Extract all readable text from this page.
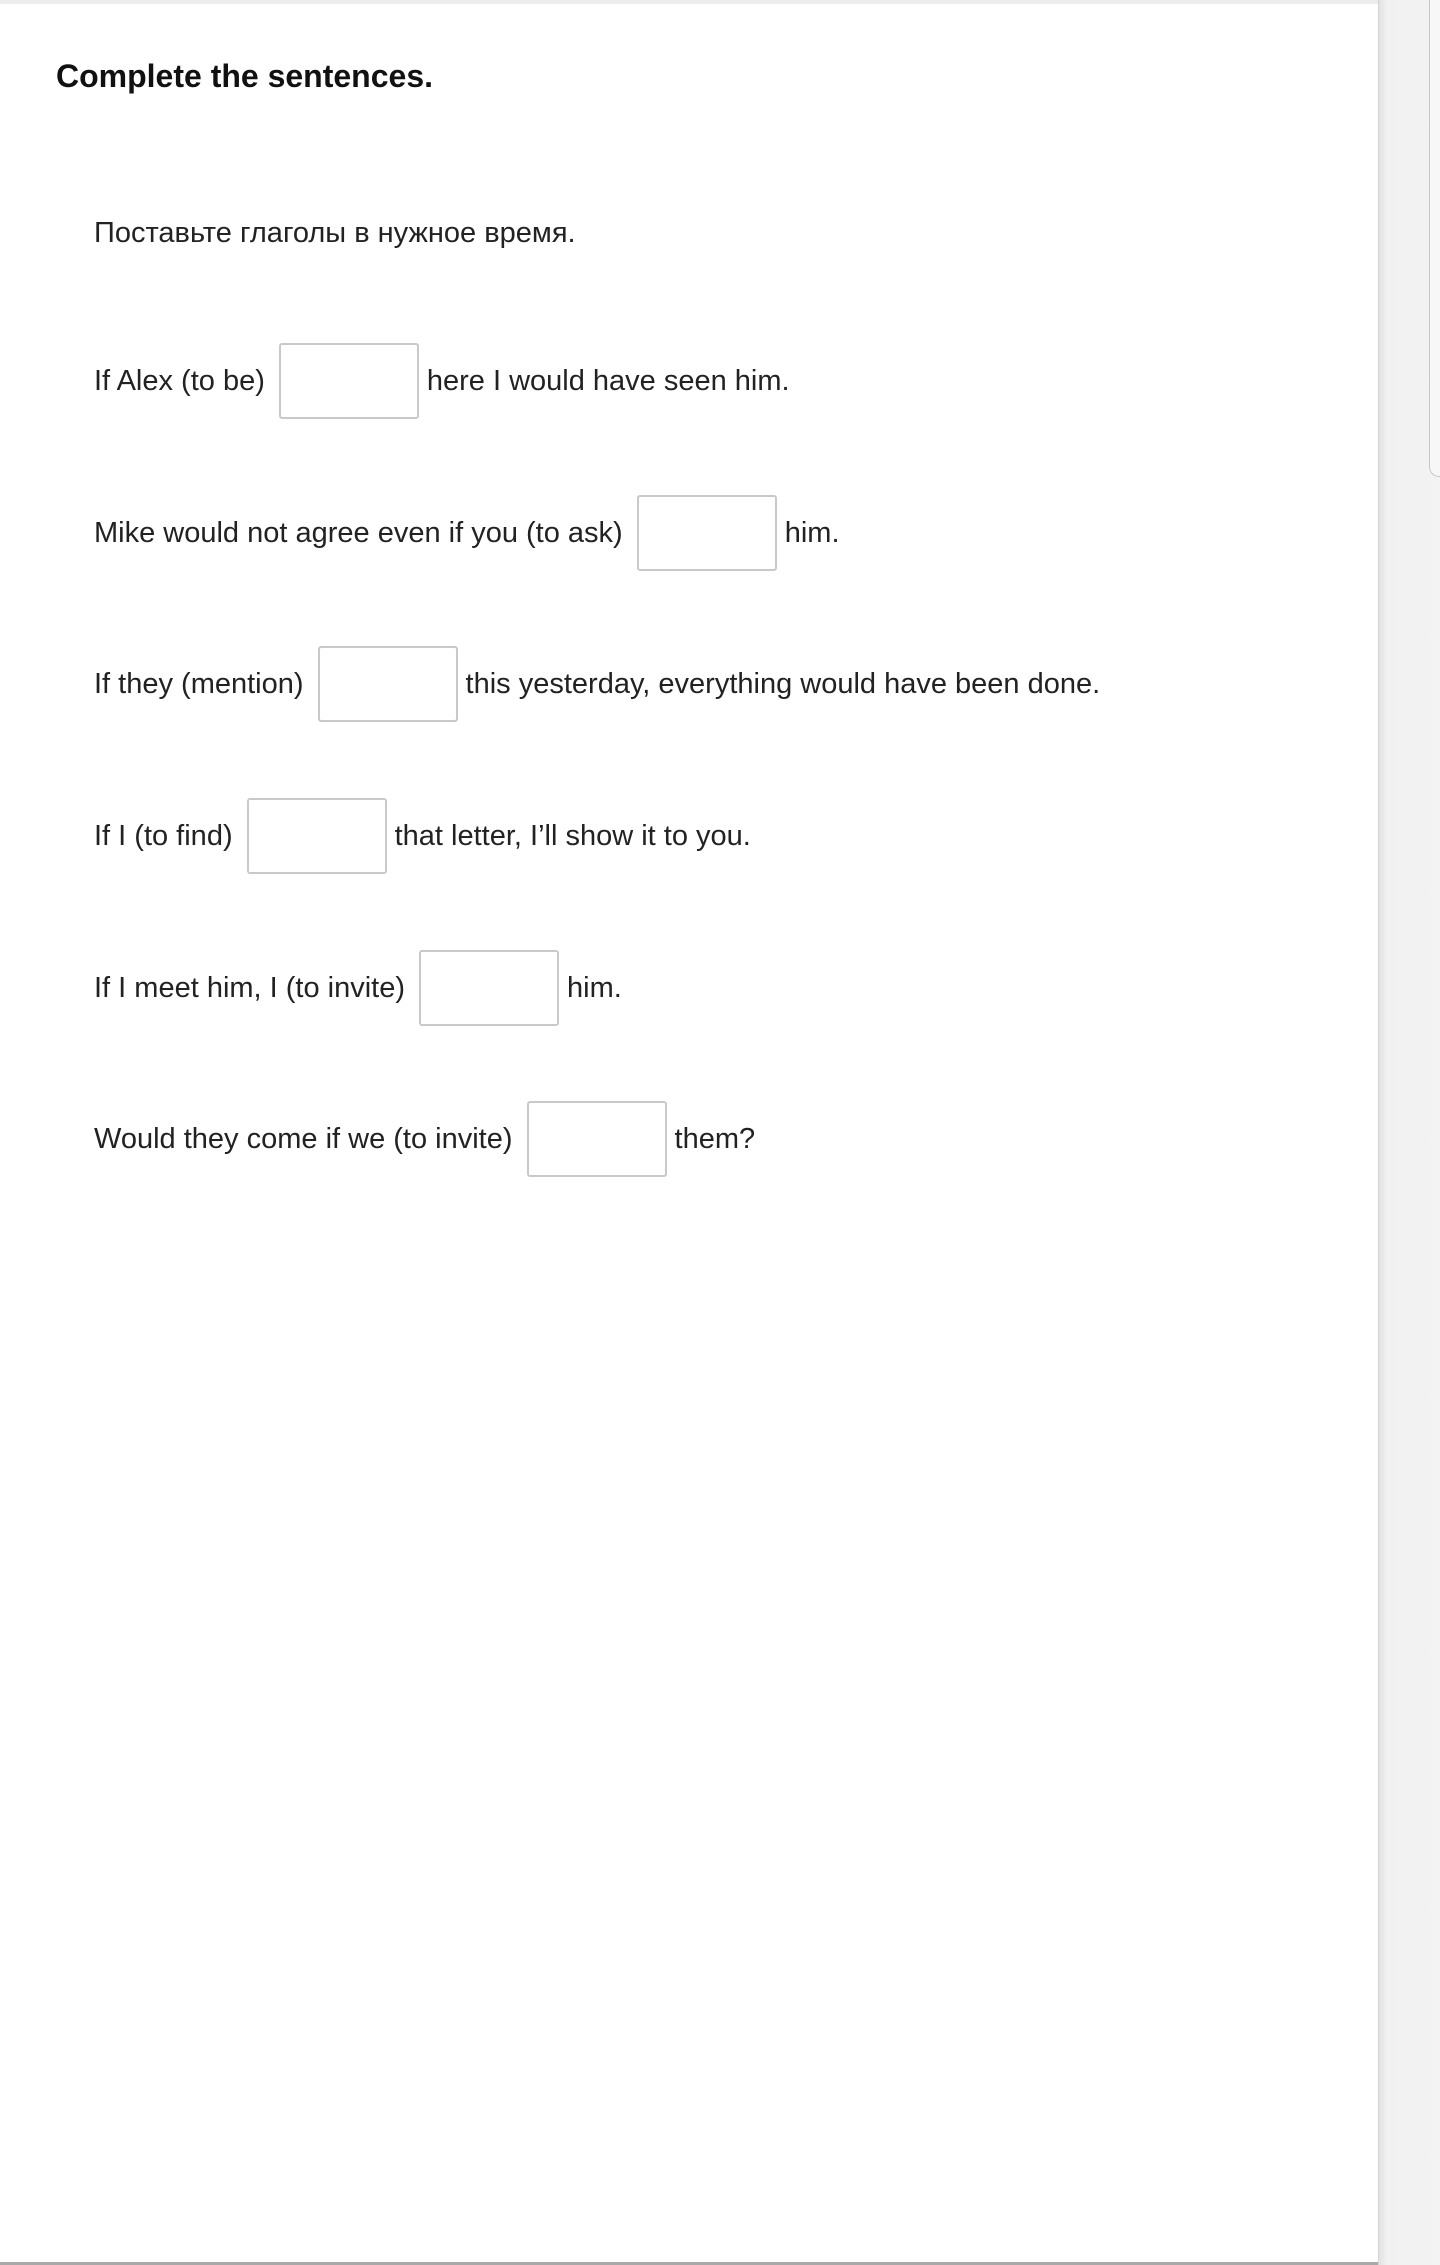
Complete the sentences.
Поставьте глаголы в нужное время.
If Alex (to be)	here I would have seen him.
Mike would not agree even if you (to ask)	him.
If they (mention)	this yesterday, everything would have been done.
If I (to find)	that letter, I’ll show it to you.
If I meet him, I (to invite)	him.
Would they come if we (to invite)	them?
